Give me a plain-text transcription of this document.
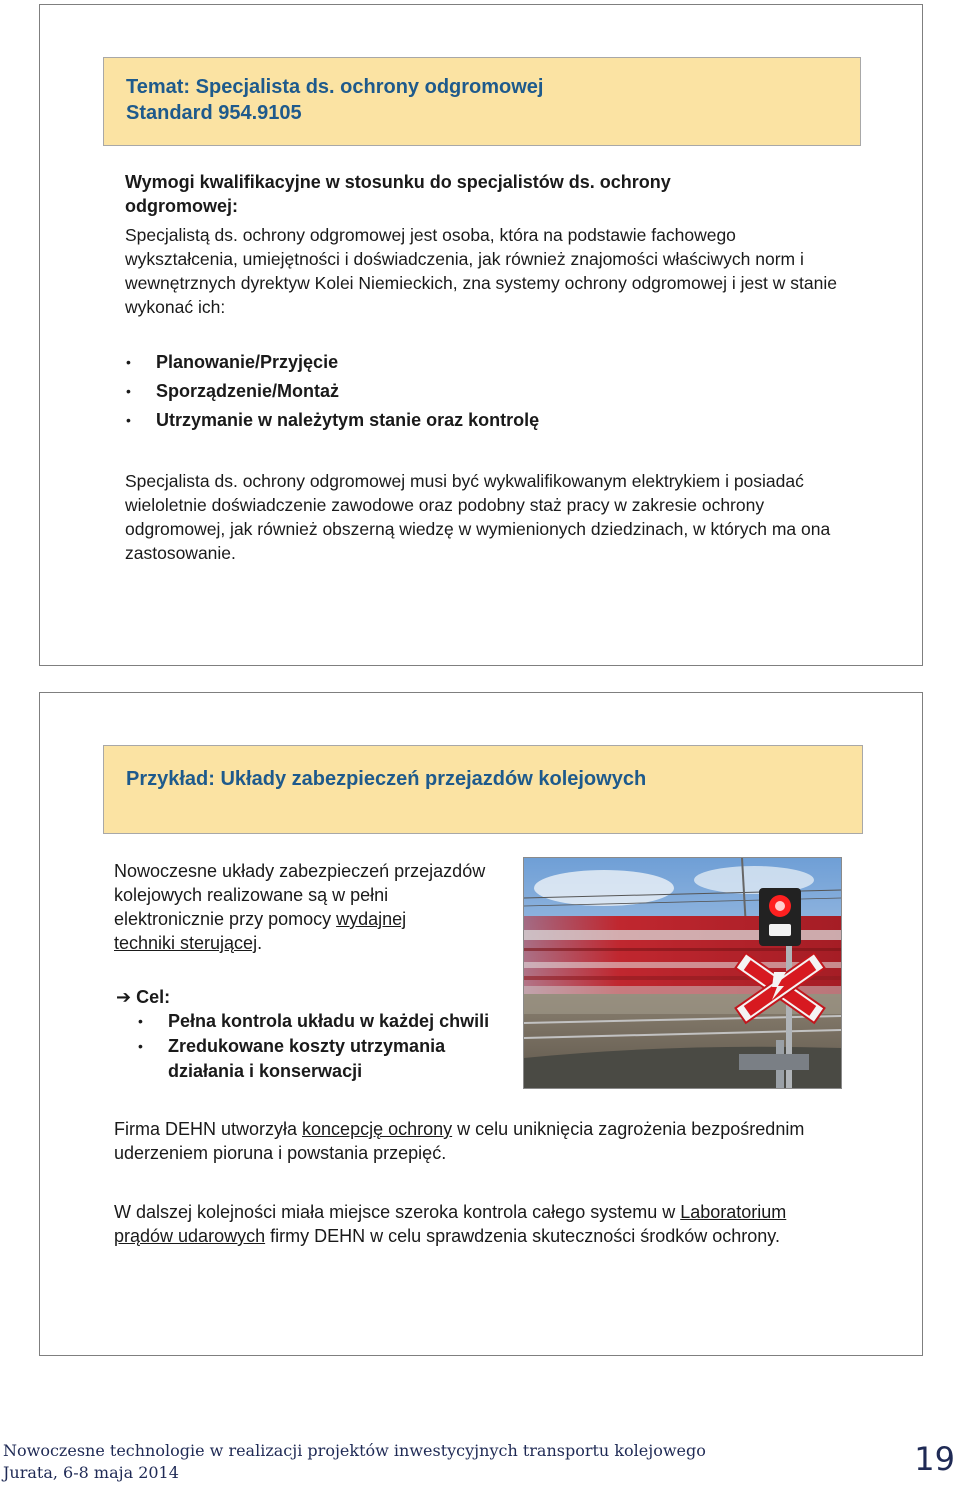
Temat: Specjalista ds. ochrony odgromowej
Standard 954.9105
Wymogi kwalifikacyjne w stosunku do specjalistów ds. ochrony odgromowej:
Specjalistą ds. ochrony odgromowej jest osoba, która na podstawie fachowego wykształcenia, umiejętności i doświadczenia, jak również znajomości właściwych norm i wewnętrznych dyrektyw Kolei Niemieckich, zna systemy ochrony odgromowej i jest w stanie wykonać ich:
• Planowanie/Przyjęcie
• Sporządzenie/Montaż
• Utrzymanie w należytym stanie oraz kontrolę
Specjalista ds. ochrony odgromowej musi być wykwalifikowanym elektrykiem i posiadać wieloletnie doświadczenie zawodowe oraz podobny staż pracy w zakresie ochrony odgromowej, jak również obszerną wiedzę w wymienionych dziedzinach, w których ma ona zastosowanie.
Przykład: Układy zabezpieczeń przejazdów kolejowych
Nowoczesne układy zabezpieczeń przejazdów
kolejowych realizowane są w pełni
elektronicznie przy pomocy wydajnej
techniki sterującej.
➔ Cel:
• Pełna kontrola układu w każdej chwili
• Zredukowane koszty utrzymania działania i konserwacji
Firma DEHN utworzyła koncepcję ochrony w celu uniknięcia zagrożenia bezpośrednim uderzeniem pioruna i powstania przepięć.
W dalszej kolejności miała miejsce szeroka kontrola całego systemu w Laboratorium prądów udarowych firmy DEHN w celu sprawdzenia skuteczności środków ochrony.
Nowoczesne technologie w realizacji projektów inwestycyjnych transportu kolejowego
Jurata, 6-8 maja 2014	19
